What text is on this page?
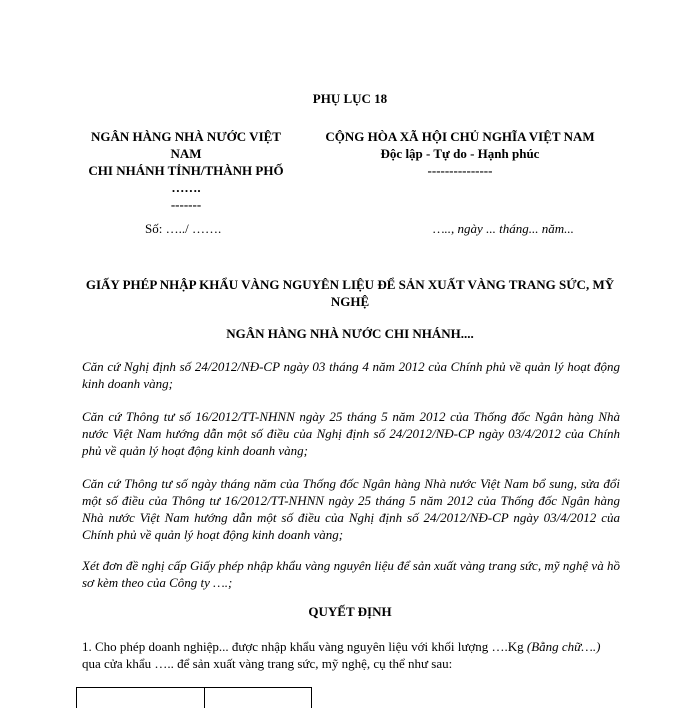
PHỤ LỤC 18
NGÂN HÀNG NHÀ NƯỚC VIỆT NAM
CHI NHÁNH TỈNH/THÀNH PHỐ …….
-------
CỘNG HÒA XÃ HỘI CHỦ NGHĨA VIỆT NAM
Độc lập - Tự do - Hạnh phúc
---------------
Số: …../ …….	….., ngày ... tháng... năm...
GIẤY PHÉP NHẬP KHẨU VÀNG NGUYÊN LIỆU ĐỂ SẢN XUẤT VÀNG TRANG SỨC, MỸ NGHỆ
NGÂN HÀNG NHÀ NƯỚC CHI NHÁNH....
Căn cứ Nghị định số 24/2012/NĐ-CP ngày 03 tháng 4 năm 2012 của Chính phủ về quản lý hoạt động kinh doanh vàng;
Căn cứ Thông tư số 16/2012/TT-NHNN ngày 25 tháng 5 năm 2012 của Thống đốc Ngân hàng Nhà nước Việt Nam hướng dẫn một số điều của Nghị định số 24/2012/NĐ-CP ngày 03/4/2012 của Chính phủ về quản lý hoạt động kinh doanh vàng;
Căn cứ Thông tư số ngày tháng năm của Thống đốc Ngân hàng Nhà nước Việt Nam bổ sung, sửa đổi một số điều của Thông tư 16/2012/TT-NHNN ngày 25 tháng 5 năm 2012 của Thống đốc Ngân hàng Nhà nước Việt Nam hướng dẫn một số điều của Nghị định số 24/2012/NĐ-CP ngày 03/4/2012 của Chính phủ về quản lý hoạt động kinh doanh vàng;
Xét đơn đề nghị cấp Giấy phép nhập khẩu vàng nguyên liệu để sản xuất vàng trang sức, mỹ nghệ và hồ sơ kèm theo của Công ty ….;
QUYẾT ĐỊNH
1. Cho phép doanh nghiệp... được nhập khẩu vàng nguyên liệu với khối lượng ….Kg (Bằng chữ….) qua cửa khẩu ….. để sản xuất vàng trang sức, mỹ nghệ, cụ thể như sau:
